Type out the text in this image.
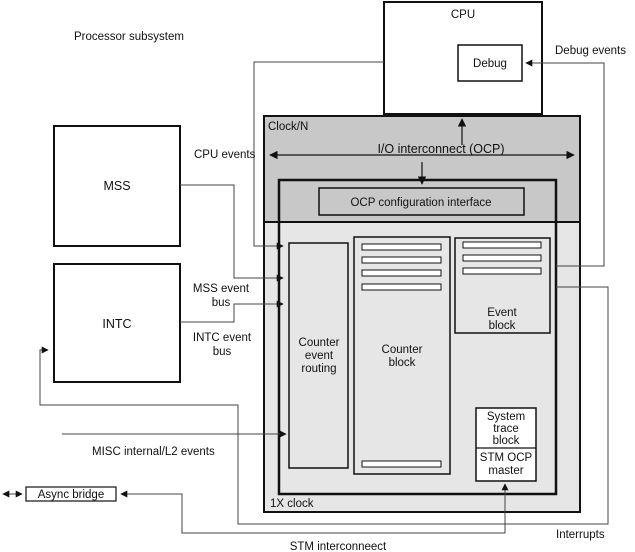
Processor subsystem
CPU
Debug
Debug events
Clock/N
CPU events	I/O interconnect (OCP)
MSS
OCP configuration interface
INTC
MSS event bus
INTC event bus
Counter event routing
Counter block
Event block
System trace block
STM OCP master
MISC internal/L2 events
1X clock
Async bridge
Interrupts
STM interconneect
